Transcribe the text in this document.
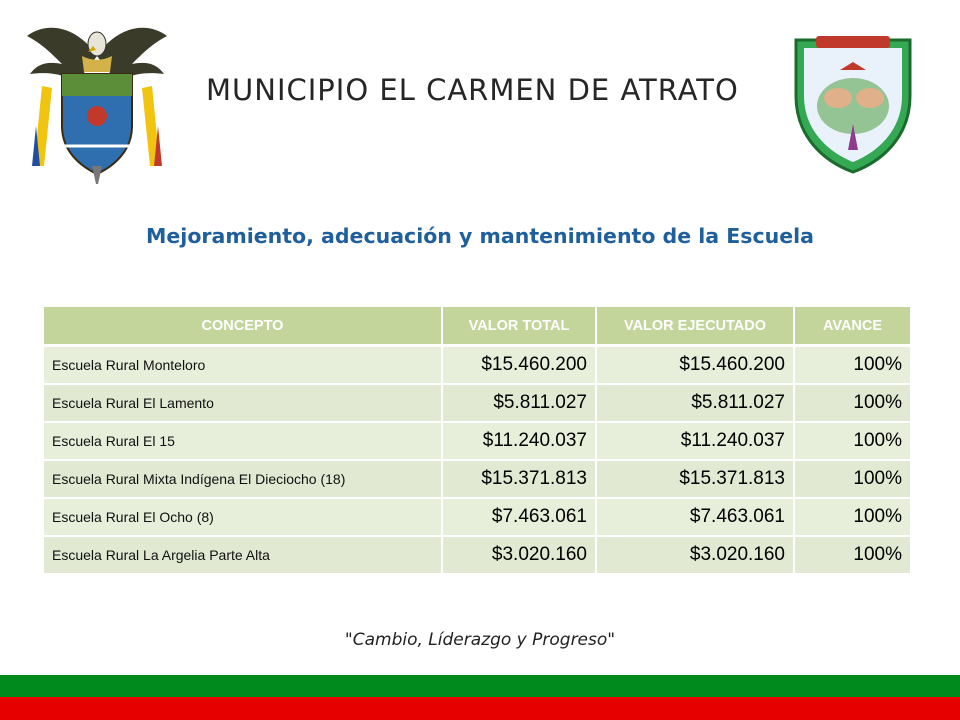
MUNICIPIO EL CARMEN DE ATRATO
Mejoramiento, adecuación y mantenimiento de la Escuela
CONCEPTO	VALOR TOTAL	VALOR EJECUTADO	AVANCE
Escuela Rural Monteloro	$15.460.200	$15.460.200	100%
Escuela Rural El Lamento	$5.811.027	$5.811.027	100%
Escuela Rural El 15	$11.240.037	$11.240.037	100%
Escuela Rural Mixta Indígena El Dieciocho (18)	$15.371.813	$15.371.813	100%
Escuela Rural El Ocho (8)	$7.463.061	$7.463.061	100%
Escuela Rural La Argelia Parte Alta	$3.020.160	$3.020.160	100%
"Cambio, Líderazgo y Progreso"
